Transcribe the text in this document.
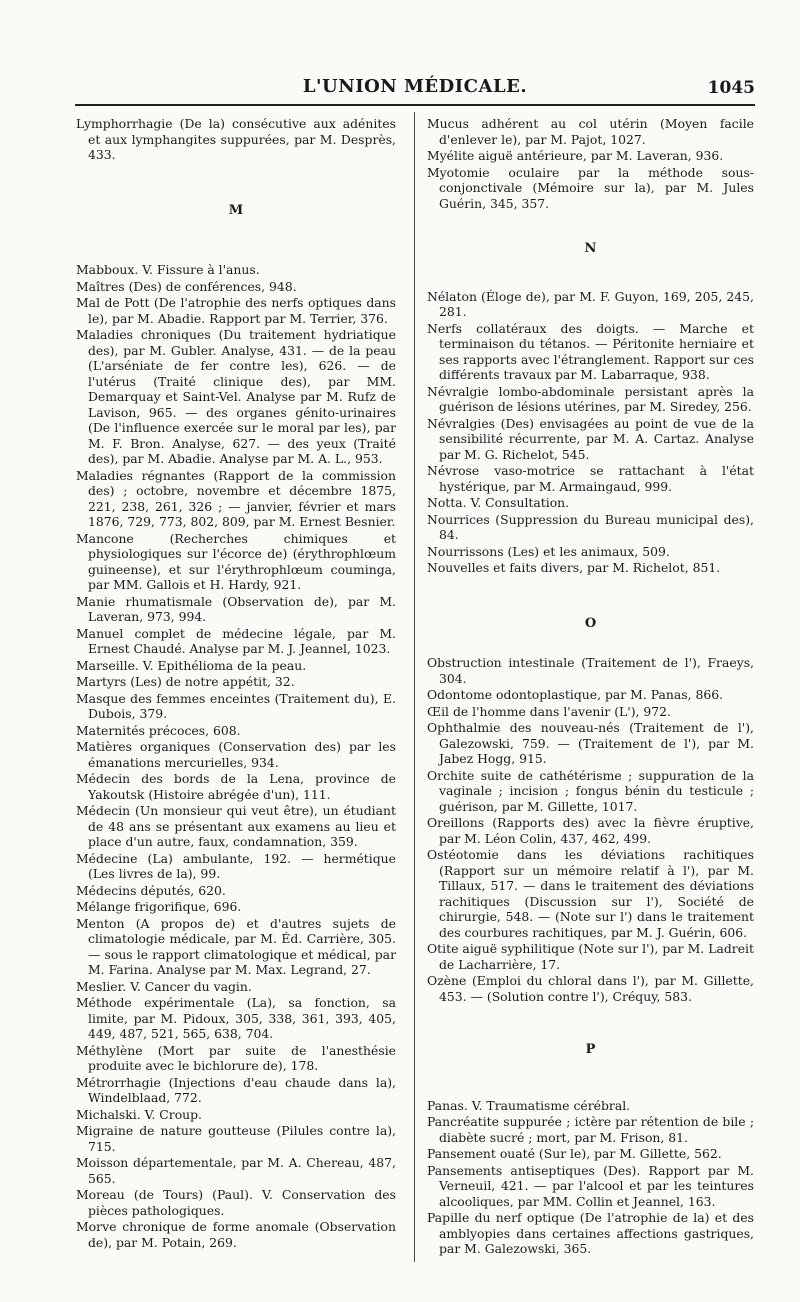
L'UNION MÉDICALE.	1045

Lymphorrhagie (De la) consécutive aux adénites et aux lymphangites suppurées, par M. Desprès, 433.

M

Mabboux. V. Fissure à l'anus.

Maîtres (Des) de conférences, 948.

Mal de Pott (De l'atrophie des nerfs optiques dans le), par M. Abadie. Rapport par M. Terrier, 376.

Maladies chroniques (Du traitement hydriatique des), par M. Gubler. Analyse, 431. — de la peau (L'arséniate de fer contre les), 626. — de l'utérus (Traité clinique des), par MM. Demarquay et Saint-Vel. Analyse par M. Rufz de Lavison, 965. — des organes génito-urinaires (De l'influence exercée sur le moral par les), par M. F. Bron. Analyse, 627. — des yeux (Traité des), par M. Abadie. Analyse par M. A. L., 953.

Maladies régnantes (Rapport de la commission des) ; octobre, novembre et décembre 1875, 221, 238, 261, 326 ; — janvier, février et mars 1876, 729, 773, 802, 809, par M. Ernest Besnier.

Mancone (Recherches chimiques et physiologiques sur l'écorce de) (érythrophlœum guineense), et sur l'érythrophlœum couminga, par MM. Gallois et H. Hardy, 921.

Manie rhumatismale (Observation de), par M. Laveran, 973, 994.

Manuel complet de médecine légale, par M. Ernest Chaudé. Analyse par M. J. Jeannel, 1023.

Marseille. V. Epithélioma de la peau.

Martyrs (Les) de notre appétit, 32.

Masque des femmes enceintes (Traitement du), E. Dubois, 379.

Maternités précoces, 608.

Matières organiques (Conservation des) par les émanations mercurielles, 934.

Médecin des bords de la Lena, province de Yakoutsk (Histoire abrégée d'un), 111.

Médecin (Un monsieur qui veut être), un étudiant de 48 ans se présentant aux examens au lieu et place d'un autre, faux, condamnation, 359.

Médecine (La) ambulante, 192. — hermétique (Les livres de la), 99.

Médecins députés, 620.

Mélange frigorifique, 696.

Menton (A propos de) et d'autres sujets de climatologie médicale, par M. Éd. Carrière, 305. — sous le rapport climatologique et médical, par M. Farina. Analyse par M. Max. Legrand, 27.

Meslier. V. Cancer du vagin.

Méthode expérimentale (La), sa fonction, sa limite, par M. Pidoux, 305, 338, 361, 393, 405, 449, 487, 521, 565, 638, 704.

Méthylène (Mort par suite de l'anesthésie produite avec le bichlorure de), 178.

Métrorrhagie (Injections d'eau chaude dans la), Windelblaad, 772.

Michalski. V. Croup.

Migraine de nature goutteuse (Pilules contre la), 715.

Moisson départementale, par M. A. Chereau, 487, 565.

Moreau (de Tours) (Paul). V. Conservation des pièces pathologiques.

Morve chronique de forme anomale (Observation de), par M. Potain, 269.

Mucus adhérent au col utérin (Moyen facile d'enlever le), par M. Pajot, 1027.

Myélite aiguë antérieure, par M. Laveran, 936.

Myotomie oculaire par la méthode sous-conjonctivale (Mémoire sur la), par M. Jules Guérin, 345, 357.

N

Nélaton (Éloge de), par M. F. Guyon, 169, 205, 245, 281.

Nerfs collatéraux des doigts. — Marche et terminaison du tétanos. — Péritonite herniaire et ses rapports avec l'étranglement. Rapport sur ces différents travaux par M. Labarraque, 938.

Névralgie lombo-abdominale persistant après la guérison de lésions utérines, par M. Siredey, 256.

Névralgies (Des) envisagées au point de vue de la sensibilité récurrente, par M. A. Cartaz. Analyse par M. G. Richelot, 545.

Névrose vaso-motrice se rattachant à l'état hystérique, par M. Armaingaud, 999.

Notta. V. Consultation.

Nourrices (Suppression du Bureau municipal des), 84.

Nourrissons (Les) et les animaux, 509.

Nouvelles et faits divers, par M. Richelot, 851.

O

Obstruction intestinale (Traitement de l'), Fraeys, 304.

Odontome odontoplastique, par M. Panas, 866.

Œil de l'homme dans l'avenir (L'), 972.

Ophthalmie des nouveau-nés (Traitement de l'), Galezowski, 759. — (Traitement de l'), par M. Jabez Hogg, 915.

Orchite suite de cathétérisme ; suppuration de la vaginale ; incision ; fongus bénin du testicule ; guérison, par M. Gillette, 1017.

Oreillons (Rapports des) avec la fièvre éruptive, par M. Léon Colin, 437, 462, 499.

Ostéotomie dans les déviations rachitiques (Rapport sur un mémoire relatif à l'), par M. Tillaux, 517. — dans le traitement des déviations rachitiques (Discussion sur l'), Société de chirurgie, 548. — (Note sur l') dans le traitement des courbures rachitiques, par M. J. Guérin, 606.

Otite aiguë syphilitique (Note sur l'), par M. Ladreit de Lacharrière, 17.

Ozène (Emploi du chloral dans l'), par M. Gillette, 453. — (Solution contre l'), Créquy, 583.

P

Panas. V. Traumatisme cérébral.

Pancréatite suppurée ; ictère par rétention de bile ; diabète sucré ; mort, par M. Frison, 81.

Pansement ouaté (Sur le), par M. Gillette, 562.

Pansements antiseptiques (Des). Rapport par M. Verneuil, 421. — par l'alcool et par les teintures alcooliques, par MM. Collin et Jeannel, 163.

Papille du nerf optique (De l'atrophie de la) et des amblyopies dans certaines affections gastriques, par M. Galezowski, 365.
